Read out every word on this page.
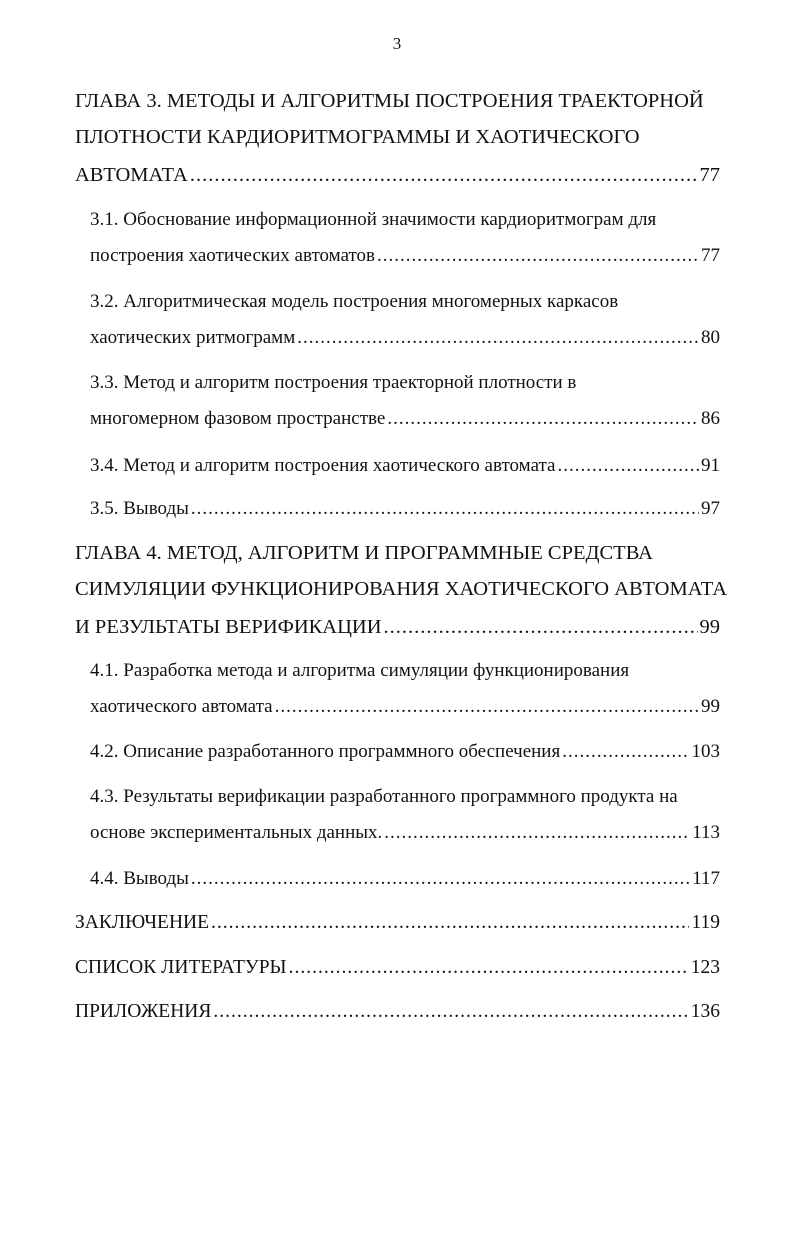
3
ГЛАВА 3. МЕТОДЫ И АЛГОРИТМЫ ПОСТРОЕНИЯ ТРАЕКТОРНОЙ
ПЛОТНОСТИ КАРДИОРИТМОГРАММЫ И ХАОТИЧЕСКОГО
АВТОМАТА .....	77
3.1. Обоснование информационной значимости кардиоритмограм для
построения хаотических автоматов .....	77
3.2. Алгоритмическая модель построения многомерных каркасов
хаотических ритмограмм .....	80
3.3. Метод и алгоритм построения траекторной плотности в
многомерном фазовом пространстве .....	86
3.4. Метод и алгоритм построения хаотического автомата .....	91
3.5. Выводы .....	97
ГЛАВА 4. МЕТОД, АЛГОРИТМ И ПРОГРАММНЫЕ СРЕДСТВА
СИМУЛЯЦИИ ФУНКЦИОНИРОВАНИЯ ХАОТИЧЕСКОГО АВТОМАТА
И РЕЗУЛЬТАТЫ ВЕРИФИКАЦИИ .....	99
4.1. Разработка метода и алгоритма симуляции функционирования
хаотического автомата .....	99
4.2. Описание разработанного программного обеспечения .....	103
4.3. Результаты верификации разработанного программного продукта на
основе экспериментальных данных. .....	113
4.4. Выводы .....	117
ЗАКЛЮЧЕНИЕ .....	119
СПИСОК ЛИТЕРАТУРЫ .....	123
ПРИЛОЖЕНИЯ .....	136
